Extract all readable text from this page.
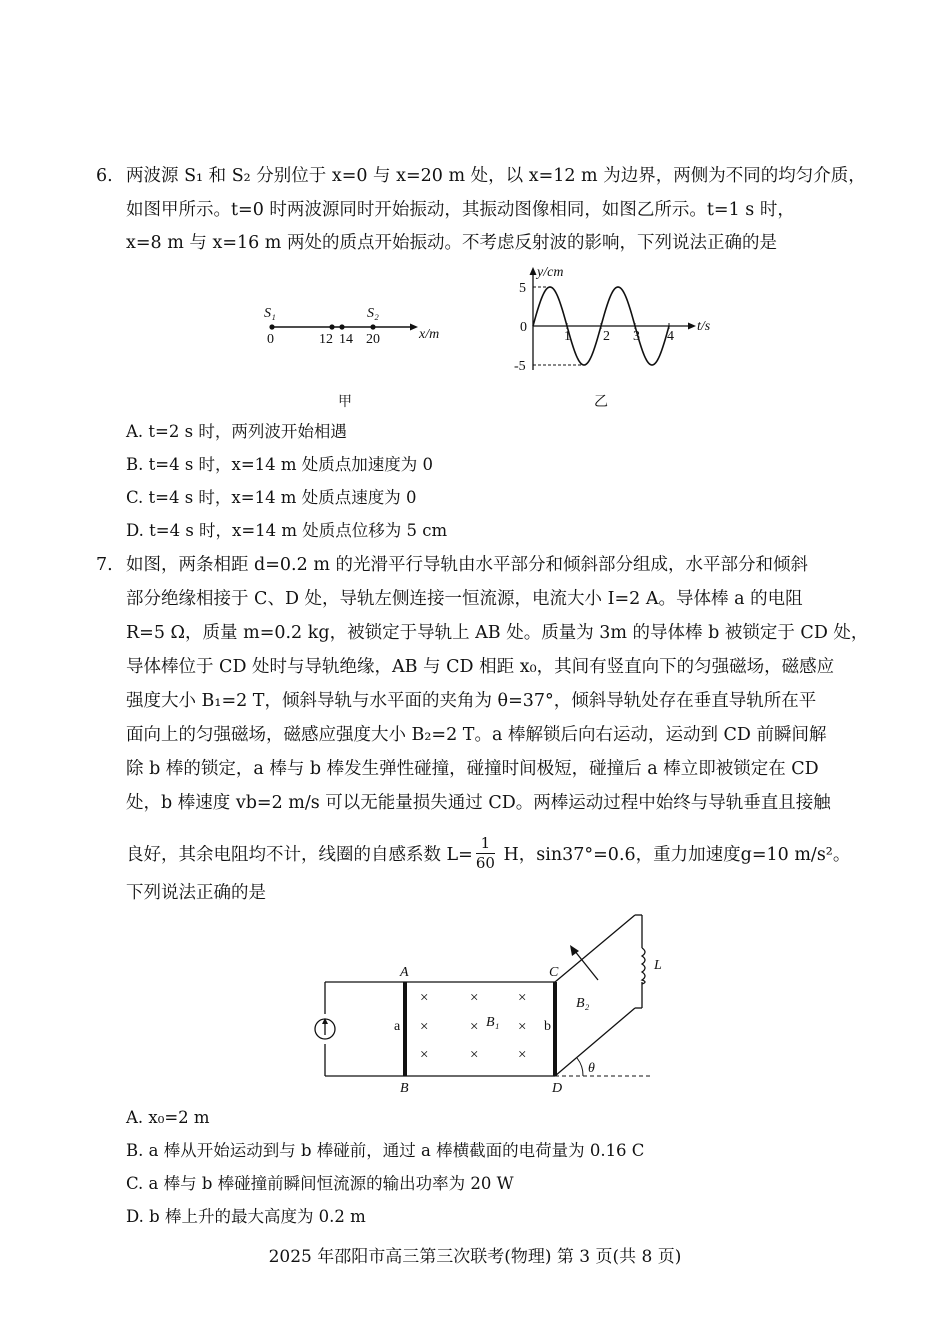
6. 两波源 S₁ 和 S₂ 分别位于 x=0 与 x=20 m 处，以 x=12 m 为边界，两侧为不同的均匀介质，
如图甲所示。t=0 时两波源同时开始振动，其振动图像相同，如图乙所示。t=1 s 时，
x=8 m 与 x=16 m 两处的质点开始振动。不考虑反射波的影响，下列说法正确的是
S₁	S₂
0	12 14 20	x/m
甲
y/cm
t/s
5
0
-5
1 2 3 4
乙
A. t=2 s 时，两列波开始相遇
B. t=4 s 时，x=14 m 处质点加速度为 0
C. t=4 s 时，x=14 m 处质点速度为 0
D. t=4 s 时，x=14 m 处质点位移为 5 cm
7. 如图，两条相距 d=0.2 m 的光滑平行导轨由水平部分和倾斜部分组成，水平部分和倾斜
部分绝缘相接于 C、D 处，导轨左侧连接一恒流源，电流大小 I=2 A。导体棒 a 的电阻
R=5 Ω，质量 m=0.2 kg，被锁定于导轨上 AB 处。质量为 3m 的导体棒 b 被锁定于 CD 处，
导体棒位于 CD 处时与导轨绝缘，AB 与 CD 相距 x₀，其间有竖直向下的匀强磁场，磁感应
强度大小 B₁=2 T，倾斜导轨与水平面的夹角为 θ=37°，倾斜导轨处存在垂直导轨所在平
面向上的匀强磁场，磁感应强度大小 B₂=2 T。a 棒解锁后向右运动，运动到 CD 前瞬间解
除 b 棒的锁定，a 棒与 b 棒发生弹性碰撞，碰撞时间极短，碰撞后 a 棒立即被锁定在 CD
处，b 棒速度 vb=2 m/s 可以无能量损失通过 CD。两棒运动过程中始终与导轨垂直且接触
良好，其余电阻均不计，线圈的自感系数 $L= \frac{1}{60}$ H，sin37°=0.6，重力加速度g=10 m/s²。
下列说法正确的是
×	×	×
×	×	×
×	×	×
A
B
C
D
a	b
B₁
B₂
L
θ
A. x₀=2 m
B. a 棒从开始运动到与 b 棒碰前，通过 a 棒横截面的电荷量为 0.16 C
C. a 棒与 b 棒碰撞前瞬间恒流源的输出功率为 20 W
D. b 棒上升的最大高度为 0.2 m
2025 年邵阳市高三第三次联考(物理) 第 3 页(共 8 页)
